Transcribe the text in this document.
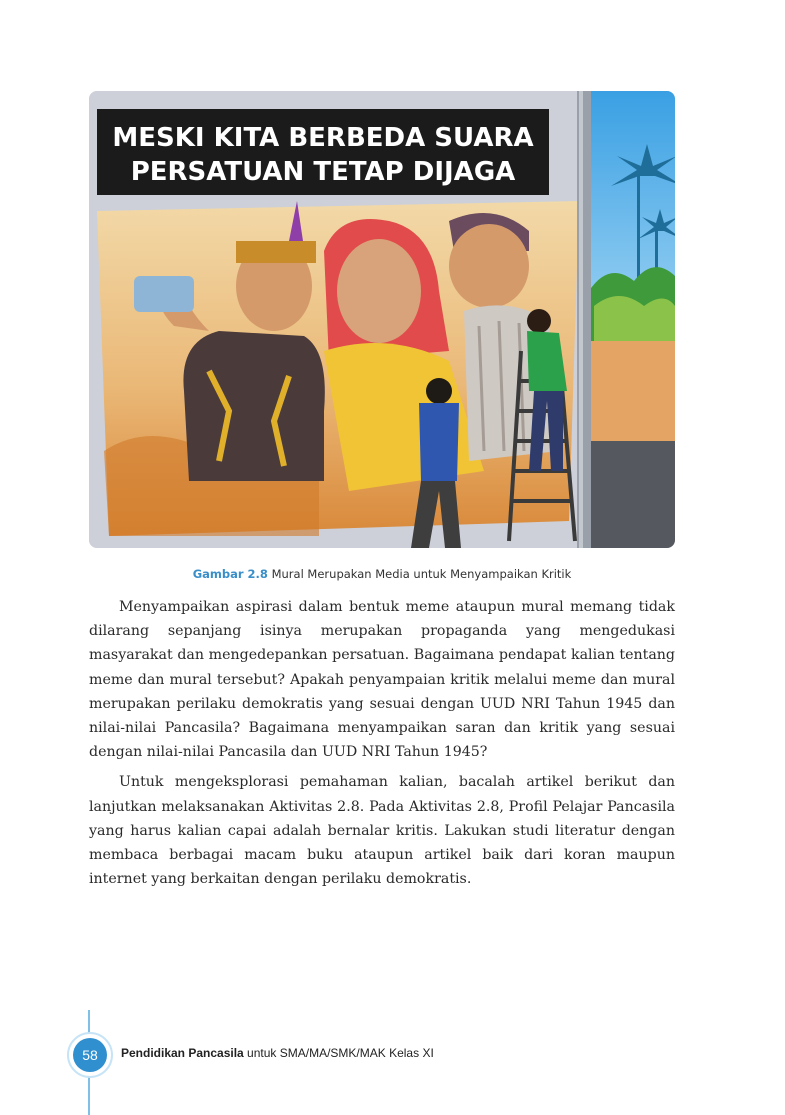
MESKI KITA BERBEDA SUARA
PERSATUAN TETAP DIJAGA
Gambar 2.8 Mural Merupakan Media untuk Menyampaikan Kritik

Menyampaikan aspirasi dalam bentuk meme ataupun mural memang tidak dilarang sepanjang isinya merupakan propaganda yang mengedukasi masyarakat dan mengedepankan persatuan. Bagaimana pendapat kalian tentang meme dan mural tersebut? Apakah penyampaian kritik melalui meme dan mural merupakan perilaku demokratis yang sesuai dengan UUD NRI Tahun 1945 dan nilai-nilai Pancasila? Bagaimana menyampaikan saran dan kritik yang sesuai dengan nilai-nilai Pancasila dan UUD NRI Tahun 1945?

Untuk mengeksplorasi pemahaman kalian, bacalah artikel berikut dan lanjutkan melaksanakan Aktivitas 2.8. Pada Aktivitas 2.8, Profil Pelajar Pancasila yang harus kalian capai adalah bernalar kritis. Lakukan studi literatur dengan membaca berbagai macam buku ataupun artikel baik dari koran maupun internet yang berkaitan dengan perilaku demokratis.

58 Pendidikan Pancasila untuk SMA/MA/SMK/MAK Kelas XI
